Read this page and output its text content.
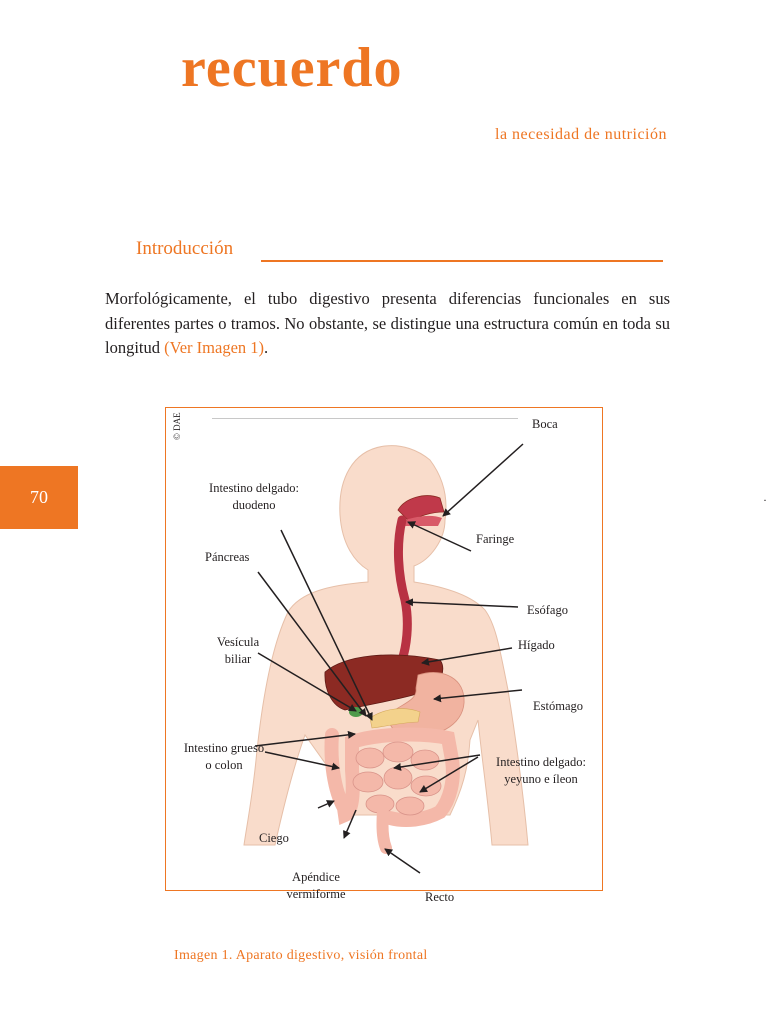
recuerdo
la necesidad de nutrición
Introducción
Morfológicamente, el tubo digestivo presenta diferencias funcionales en sus diferentes partes o tramos. No obstante, se distingue una estructura común en toda su longitud (Ver Imagen 1).
70
© DAE	Boca
Faringe
Esófago
Hígado
Estómago
Intestino delgado:
duodeno
Páncreas
Vesícula
biliar
Intestino grueso
o colon	Intestino delgado:
yeyuno e íleon
Ciego
Apéndice
vermiforme	Recto
Imagen 1. Aparato digestivo, visión frontal
·
